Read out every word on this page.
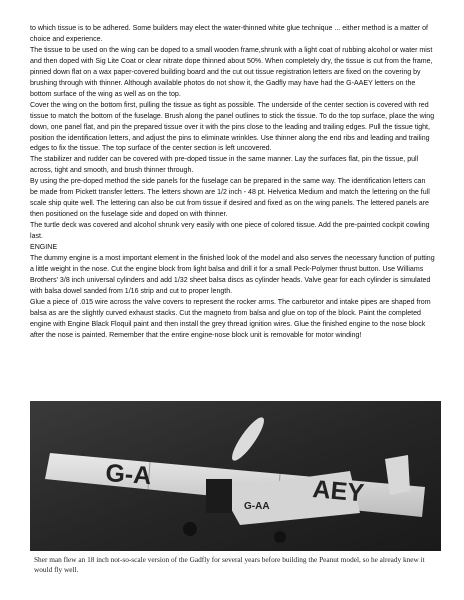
to which tissue is to be adhered. Some builders may elect the water-thinned white glue technique ... either method is a matter of choice and experience.

The tissue to be used on the wing can be doped to a small wooden frame,shrunk with a light coat of rubbing alcohol or water mist and then doped with Sig Lite Coat or clear nitrate dope thinned about 50%. When completely dry, the tissue is cut from the frame, pinned down flat on a wax paper-covered building board and the cut out tissue registration letters are fixed on the covering by brushing through with thinner. Although available photos do not show it, the Gadfly may have had the G-AAEY letters on the bottom surface of the wing as well as on the top.

Cover the wing on the bottom first, pulling the tissue as tight as possible. The underside of the center section is covered with red tissue to match the bottom of the fuselage. Brush along the panel outlines to stick the tissue. To do the top surface, place the wing down, one panel flat, and pin the prepared tissue over it with the pins close to the leading and trailing edges. Pull the tissue tight, position the identification letters, and adjust the pins to eliminate wrinkles. Use thinner along the end ribs and leading and trailing edges to fix the tissue. The top surface of the center section is left uncovered.

The stabilizer and rudder can be covered with pre-doped tissue in the same manner. Lay the surfaces flat, pin the tissue, pull across, tight and smooth, and brush thinner through.

By using the pre-doped method the side panels for the fuselage can be prepared in the same way. The identification letters can be made from Pickett transfer letters. The letters shown are 1/2 inch - 48 pt. Helvetica Medium and match the lettering on the full scale ship quite well. The lettering can also be cut from tissue if desired and fixed as on the wing panels. The lettered panels are then positioned on the fuselage side and doped on with thinner.

The turtle deck was covered and alcohol shrunk very easily with one piece of colored tissue. Add the pre-painted cockpit cowling last.

ENGINE

The dummy engine is a most important element in the finished look of the model and also serves the necessary function of putting a little weight in the nose. Cut the engine block from light balsa and drill it for a small Peck-Polymer thrust button. Use Williams Brothers' 3/8 inch universal cylinders and add 1/32 sheet balsa discs as cylinder heads. Valve gear for each cylinder is simulated with balsa dowel sanded from 1/16 strip and cut to proper length.

Glue a piece of .015 wire across the valve covers to represent the rocker arms. The carburetor and intake pipes are shaped from balsa as are the slightly curved exhaust stacks. Cut the magneto from balsa and glue on top of the block. Paint the completed engine with Engine Black Floquil paint and then install the grey thread ignition wires. Glue the finished engine to the nose block after the nose is painted. Remember that the entire engine-nose block unit is removable for motor winding!

G-A
AEY
G-AA

Sher man flew an 18 inch not-so-scale version of the Gadfly for several years before building the Peanut model, so he already knew it would fly well.
